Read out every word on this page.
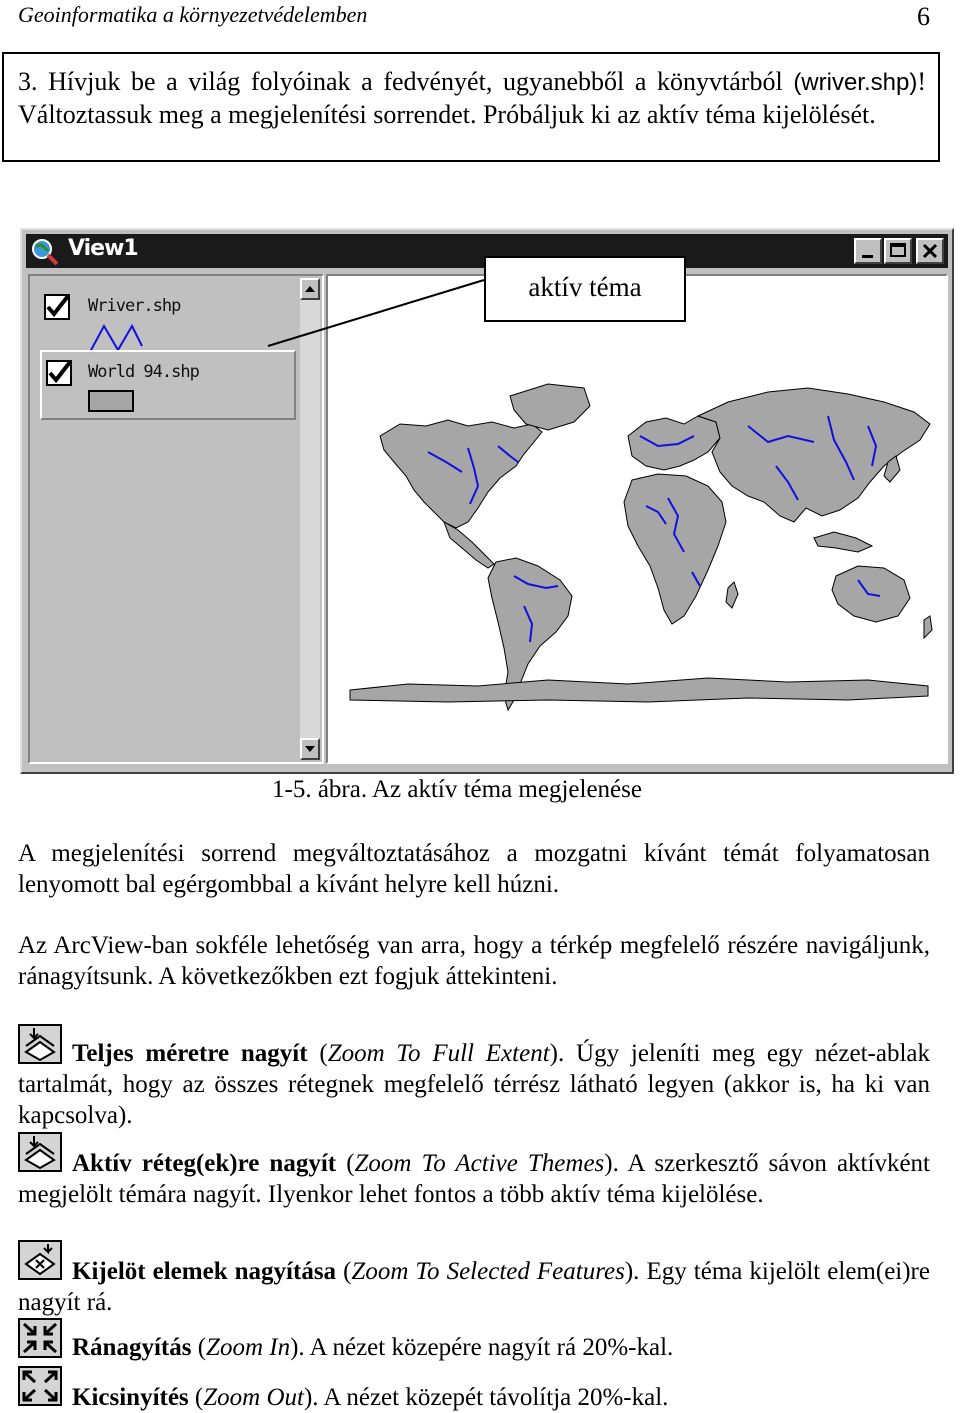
Geoinformatika a környezetvédelemben	6
3. Hívjuk be a világ folyóinak a fedvényét, ugyanebből a könyvtárból (wriver.shp)! Változtassuk meg a megjelenítési sorrendet. Próbáljuk ki az aktív téma kijelölését.
View1
Wriver.shp
World 94.shp
aktív téma
1-5. ábra. Az aktív téma megjelenése
A megjelenítési sorrend megváltoztatásához a mozgatni kívánt témát folyamatosan lenyomott bal egérgombbal a kívánt helyre kell húzni.
Az ArcView-ban sokféle lehetőség van arra, hogy a térkép megfelelő részére navigáljunk, ránagyítsunk. A következőkben ezt fogjuk áttekinteni.
Teljes méretre nagyít (Zoom To Full Extent). Úgy jeleníti meg egy nézet-ablak tartalmát, hogy az összes rétegnek megfelelő térrész látható legyen (akkor is, ha ki van kapcsolva).
Aktív réteg(ek)re nagyít (Zoom To Active Themes). A szerkesztő sávon aktívként megjelölt témára nagyít. Ilyenkor lehet fontos a több aktív téma kijelölése.
Kijelöt elemek nagyítása (Zoom To Selected Features). Egy téma kijelölt elem(ei)re nagyít rá.
Ránagyítás (Zoom In). A nézet közepére nagyít rá 20%-kal.
Kicsinyítés (Zoom Out). A nézet közepét távolítja 20%-kal.
